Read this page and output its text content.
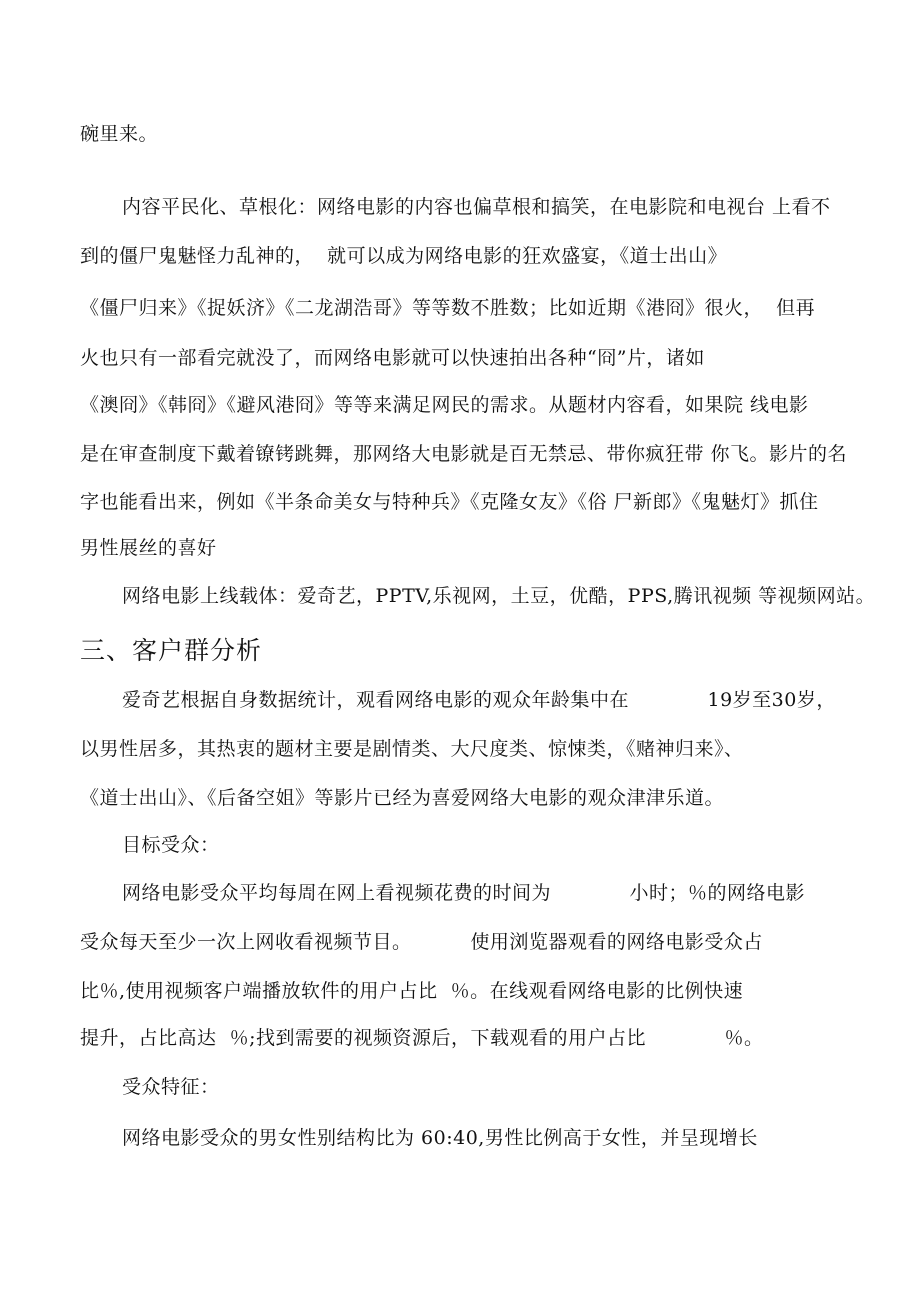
碗里来。
内容平民化、草根化：网络电影的内容也偏草根和搞笑，在电影院和电视台 上看不
到的僵尸鬼魅怪力乱神的，  就可以成为网络电影的狂欢盛宴，《道士出山》
《僵尸归来》《捉妖济》《二龙湖浩哥》等等数不胜数；比如近期《港冏》很火，  但再
火也只有一部看完就没了，而网络电影就可以快速拍出各种“冏”片，诸如
《澳冏》《韩冏》《避风港冏》等等来满足网民的需求。从题材内容看，如果院 线电影
是在审查制度下戴着镣铐跳舞，那网络大电影就是百无禁忌、带你疯狂带 你飞。影片的名
字也能看出来，例如《半条命美女与特种兵》《克隆女友》《俗 尸新郎》《鬼魅灯》抓住
男性展丝的喜好
网络电影上线载体：爱奇艺，PPTV,乐视网，土豆，优酷，PPS,腾讯视频 等视频网站。
三、客户群分析
爱奇艺根据自身数据统计，观看网络电影的观众年龄集中在            19岁至30岁，
以男性居多，其热衷的题材主要是剧情类、大尺度类、惊悚类，《赌神归来》、
《道士出山》、《后备空姐》等影片已经为喜爱网络大电影的观众津津乐道。
目标受众：
网络电影受众平均每周在网上看视频花费的时间为            小时；％的网络电影
受众每天至少一次上网收看视频节目。         使用浏览器观看的网络电影受众占
比％,使用视频客户端播放软件的用户占比  ％。在线观看网络电影的比例快速
提升，占比高达  ％;找到需要的视频资源后，下载观看的用户占比            ％。
受众特征：
网络电影受众的男女性别结构比为 60:40,男性比例高于女性，并呈现增长
